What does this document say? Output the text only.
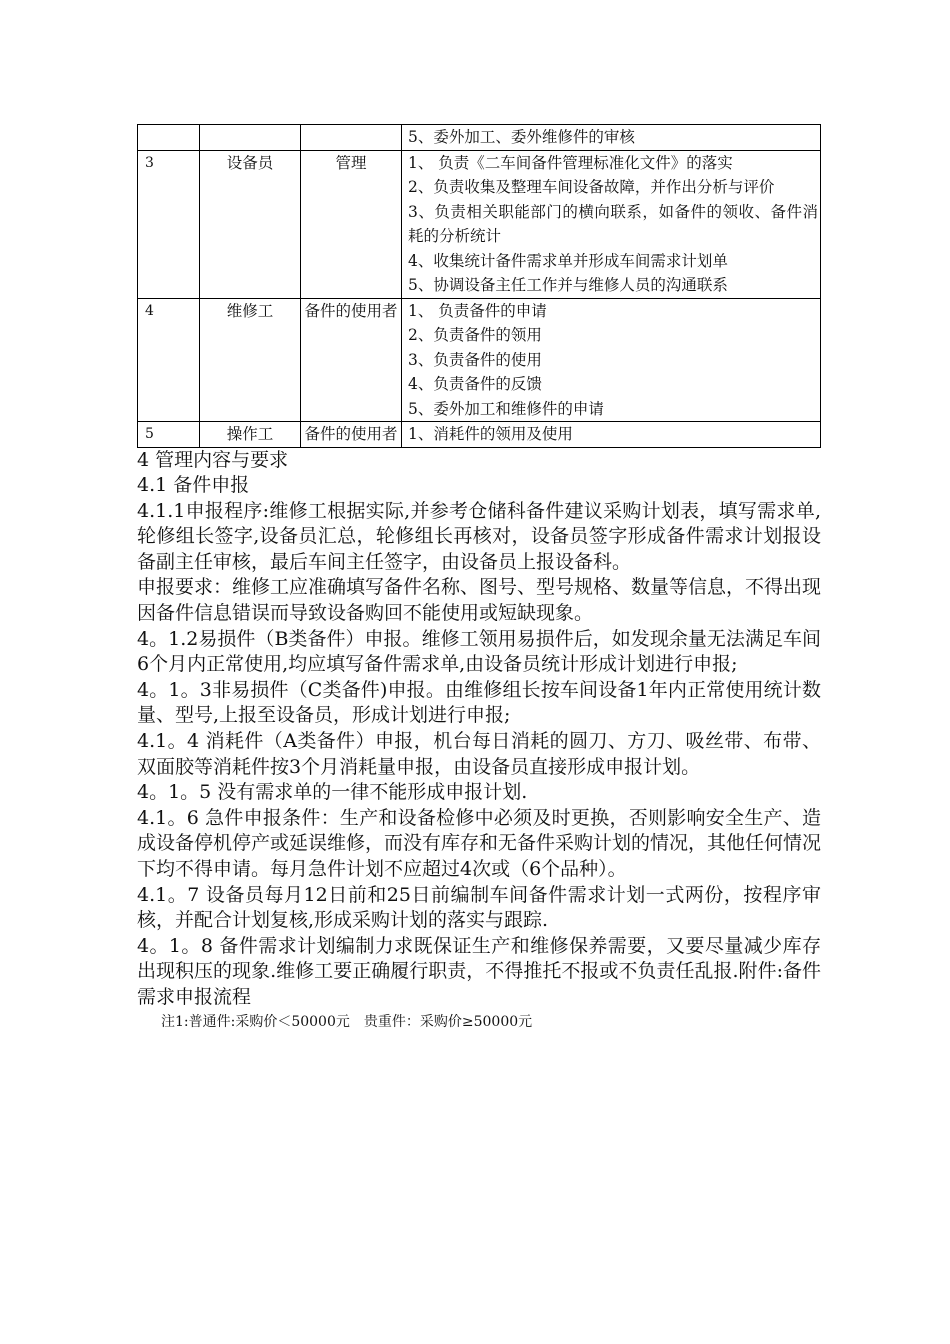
			5、委外加工、委外维修件的审核

3	设备员	管理	1、 负责《二车间备件管理标准化文件》的落实
2、负责收集及整理车间设备故障，并作出分析与评价
3、负责相关职能部门的横向联系，如备件的领收、备件消耗的分析统计
4、收集统计备件需求单并形成车间需求计划单
5、协调设备主任工作并与维修人员的沟通联系

4	维修工	备件的使用者	1、 负责备件的申请
2、负责备件的领用
3、负责备件的使用
4、负责备件的反馈
5、委外加工和维修件的申请

5	操作工	备件的使用者	1、消耗件的领用及使用

4 管理内容与要求

4.1 备件申报

4.1.1申报程序:维修工根据实际,并参考仓储科备件建议采购计划表，填写需求单,轮修组长签字,设备员汇总，轮修组长再核对，设备员签字形成备件需求计划报设备副主任审核，最后车间主任签字，由设备员上报设备科。

申报要求：维修工应准确填写备件名称、图号、型号规格、数量等信息，不得出现因备件信息错误而导致设备购回不能使用或短缺现象。

4。1.2易损件（B类备件）申报。维修工领用易损件后，如发现余量无法满足车间6个月内正常使用,均应填写备件需求单,由设备员统计形成计划进行申报;

4。1。3非易损件（C类备件)申报。由维修组长按车间设备1年内正常使用统计数量、型号,上报至设备员，形成计划进行申报;

4.1。4 消耗件（A类备件）申报，机台每日消耗的圆刀、方刀、吸丝带、布带、双面胶等消耗件按3个月消耗量申报，由设备员直接形成申报计划。

4。1。5 没有需求单的一律不能形成申报计划.

4.1。6 急件申报条件：生产和设备检修中必须及时更换，否则影响安全生产、造成设备停机停产或延误维修，而没有库存和无备件采购计划的情况，其他任何情况下均不得申请。每月急件计划不应超过4次或（6个品种）。

4.1。7 设备员每月12日前和25日前编制车间备件需求计划一式两份，按程序审核，并配合计划复核,形成采购计划的落实与跟踪.

4。1。8 备件需求计划编制力求既保证生产和维修保养需要，又要尽量减少库存出现积压的现象.维修工要正确履行职责，不得推托不报或不负责任乱报.附件:备件需求申报流程

注1:普通件:采购价＜50000元　贵重件：采购价≥50000元
